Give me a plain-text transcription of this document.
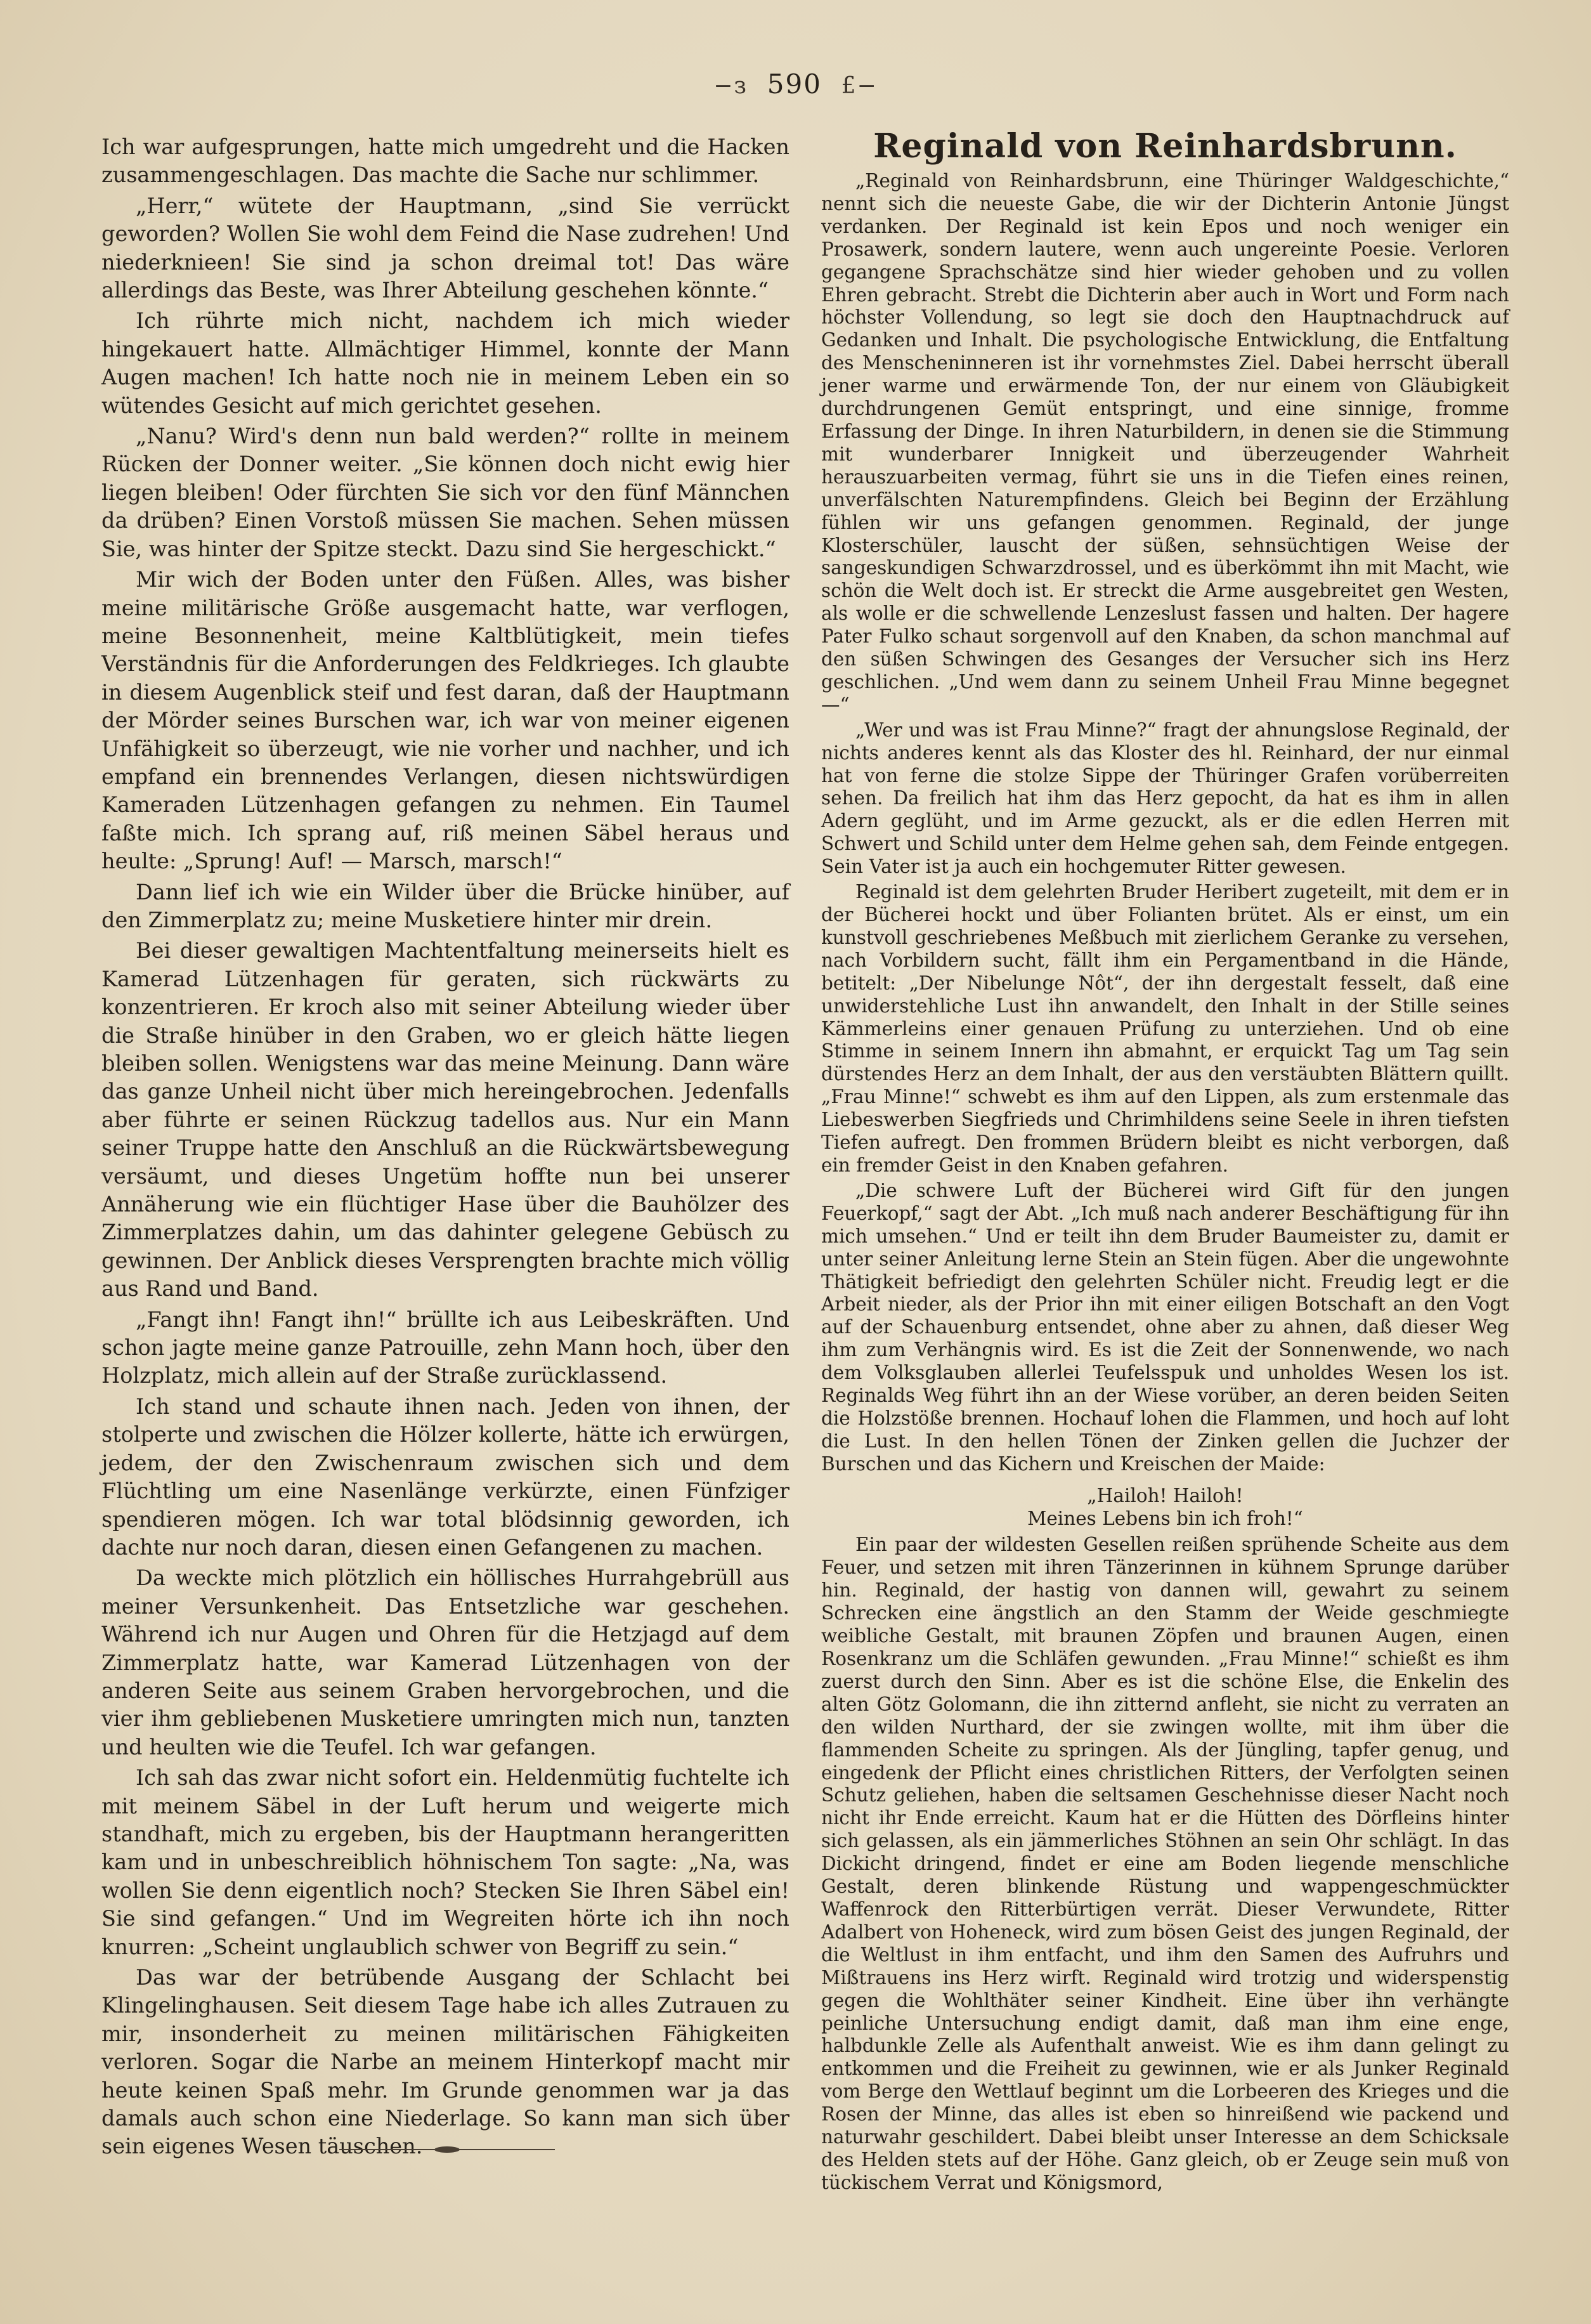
−з 590 £−

Ich war aufgesprungen, hatte mich umgedreht und die Hacken zusammengeschlagen. Das machte die Sache nur schlimmer.

„Herr,“ wütete der Hauptmann, „sind Sie verrückt geworden? Wollen Sie wohl dem Feind die Nase zudrehen! Und niederknieen! Sie sind ja schon dreimal tot! Das wäre allerdings das Beste, was Ihrer Abteilung geschehen könnte.“

Ich rührte mich nicht, nachdem ich mich wieder hingekauert hatte. Allmächtiger Himmel, konnte der Mann Augen machen! Ich hatte noch nie in meinem Leben ein so wütendes Gesicht auf mich gerichtet gesehen.

„Nanu? Wird's denn nun bald werden?“ rollte in meinem Rücken der Donner weiter. „Sie können doch nicht ewig hier liegen bleiben! Oder fürchten Sie sich vor den fünf Männchen da drüben? Einen Vorstoß müssen Sie machen. Sehen müssen Sie, was hinter der Spitze steckt. Dazu sind Sie hergeschickt.“

Mir wich der Boden unter den Füßen. Alles, was bisher meine militärische Größe ausgemacht hatte, war verflogen, meine Besonnenheit, meine Kaltblütigkeit, mein tiefes Verständnis für die Anforderungen des Feldkrieges. Ich glaubte in diesem Augenblick steif und fest daran, daß der Hauptmann der Mörder seines Burschen war, ich war von meiner eigenen Unfähigkeit so überzeugt, wie nie vorher und nachher, und ich empfand ein brennendes Verlangen, diesen nichtswürdigen Kameraden Lützenhagen gefangen zu nehmen. Ein Taumel faßte mich. Ich sprang auf, riß meinen Säbel heraus und heulte: „Sprung! Auf! — Marsch, marsch!“

Dann lief ich wie ein Wilder über die Brücke hinüber, auf den Zimmerplatz zu; meine Musketiere hinter mir drein.

Bei dieser gewaltigen Machtentfaltung meinerseits hielt es Kamerad Lützenhagen für geraten, sich rückwärts zu konzentrieren. Er kroch also mit seiner Abteilung wieder über die Straße hinüber in den Graben, wo er gleich hätte liegen bleiben sollen. Wenigstens war das meine Meinung. Dann wäre das ganze Unheil nicht über mich hereingebrochen. Jedenfalls aber führte er seinen Rückzug tadellos aus. Nur ein Mann seiner Truppe hatte den Anschluß an die Rückwärtsbewegung versäumt, und dieses Ungetüm hoffte nun bei unserer Annäherung wie ein flüchtiger Hase über die Bauhölzer des Zimmerplatzes dahin, um das dahinter gelegene Gebüsch zu gewinnen. Der Anblick dieses Versprengten brachte mich völlig aus Rand und Band.

„Fangt ihn! Fangt ihn!“ brüllte ich aus Leibeskräften. Und schon jagte meine ganze Patrouille, zehn Mann hoch, über den Holzplatz, mich allein auf der Straße zurücklassend.

Ich stand und schaute ihnen nach. Jeden von ihnen, der stolperte und zwischen die Hölzer kollerte, hätte ich erwürgen, jedem, der den Zwischenraum zwischen sich und dem Flüchtling um eine Nasenlänge verkürzte, einen Fünfziger spendieren mögen. Ich war total blödsinnig geworden, ich dachte nur noch daran, diesen einen Gefangenen zu machen.

Da weckte mich plötzlich ein höllisches Hurrahgebrüll aus meiner Versunkenheit. Das Entsetzliche war geschehen. Während ich nur Augen und Ohren für die Hetzjagd auf dem Zimmerplatz hatte, war Kamerad Lützenhagen von der anderen Seite aus seinem Graben hervorgebrochen, und die vier ihm gebliebenen Musketiere umringten mich nun, tanzten und heulten wie die Teufel. Ich war gefangen.

Ich sah das zwar nicht sofort ein. Heldenmütig fuchtelte ich mit meinem Säbel in der Luft herum und weigerte mich standhaft, mich zu ergeben, bis der Hauptmann herangeritten kam und in unbeschreiblich höhnischem Ton sagte: „Na, was wollen Sie denn eigentlich noch? Stecken Sie Ihren Säbel ein! Sie sind gefangen.“ Und im Wegreiten hörte ich ihn noch knurren: „Scheint unglaublich schwer von Begriff zu sein.“

Das war der betrübende Ausgang der Schlacht bei Klingelinghausen. Seit diesem Tage habe ich alles Zutrauen zu mir, insonderheit zu meinen militärischen Fähigkeiten verloren. Sogar die Narbe an meinem Hinterkopf macht mir heute keinen Spaß mehr. Im Grunde genommen war ja das damals auch schon eine Niederlage. So kann man sich über sein eigenes Wesen täuschen.

Reginald von Reinhardsbrunn.

„Reginald von Reinhardsbrunn, eine Thüringer Waldgeschichte,“ nennt sich die neueste Gabe, die wir der Dichterin Antonie Jüngst verdanken. Der Reginald ist kein Epos und noch weniger ein Prosawerk, sondern lautere, wenn auch ungereinte Poesie. Verloren gegangene Sprachschätze sind hier wieder gehoben und zu vollen Ehren gebracht. Strebt die Dichterin aber auch in Wort und Form nach höchster Vollendung, so legt sie doch den Hauptnachdruck auf Gedanken und Inhalt. Die psychologische Entwicklung, die Entfaltung des Menscheninneren ist ihr vornehmstes Ziel. Dabei herrscht überall jener warme und erwärmende Ton, der nur einem von Gläubigkeit durchdrungenen Gemüt entspringt, und eine sinnige, fromme Erfassung der Dinge. In ihren Naturbildern, in denen sie die Stimmung mit wunderbarer Innigkeit und überzeugender Wahrheit herauszuarbeiten vermag, führt sie uns in die Tiefen eines reinen, unverfälschten Naturempfindens. Gleich bei Beginn der Erzählung fühlen wir uns gefangen genommen. Reginald, der junge Klosterschüler, lauscht der süßen, sehnsüchtigen Weise der sangeskundigen Schwarzdrossel, und es überkömmt ihn mit Macht, wie schön die Welt doch ist. Er streckt die Arme ausgebreitet gen Westen, als wolle er die schwellende Lenzeslust fassen und halten. Der hagere Pater Fulko schaut sorgenvoll auf den Knaben, da schon manchmal auf den süßen Schwingen des Gesanges der Versucher sich ins Herz geschlichen. „Und wem dann zu seinem Unheil Frau Minne begegnet —“

„Wer und was ist Frau Minne?“ fragt der ahnungslose Reginald, der nichts anderes kennt als das Kloster des hl. Reinhard, der nur einmal hat von ferne die stolze Sippe der Thüringer Grafen vorüberreiten sehen. Da freilich hat ihm das Herz gepocht, da hat es ihm in allen Adern geglüht, und im Arme gezuckt, als er die edlen Herren mit Schwert und Schild unter dem Helme gehen sah, dem Feinde entgegen. Sein Vater ist ja auch ein hochgemuter Ritter gewesen.

Reginald ist dem gelehrten Bruder Heribert zugeteilt, mit dem er in der Bücherei hockt und über Folianten brütet. Als er einst, um ein kunstvoll geschriebenes Meßbuch mit zierlichem Geranke zu versehen, nach Vorbildern sucht, fällt ihm ein Pergamentband in die Hände, betitelt: „Der Nibelunge Nôt“, der ihn dergestalt fesselt, daß eine unwiderstehliche Lust ihn anwandelt, den Inhalt in der Stille seines Kämmerleins einer genauen Prüfung zu unterziehen. Und ob eine Stimme in seinem Innern ihn abmahnt, er erquickt Tag um Tag sein dürstendes Herz an dem Inhalt, der aus den verstäubten Blättern quillt. „Frau Minne!“ schwebt es ihm auf den Lippen, als zum erstenmale das Liebeswerben Siegfrieds und Chrimhildens seine Seele in ihren tiefsten Tiefen aufregt. Den frommen Brüdern bleibt es nicht verborgen, daß ein fremder Geist in den Knaben gefahren.

„Die schwere Luft der Bücherei wird Gift für den jungen Feuerkopf,“ sagt der Abt. „Ich muß nach anderer Beschäftigung für ihn mich umsehen.“ Und er teilt ihn dem Bruder Baumeister zu, damit er unter seiner Anleitung lerne Stein an Stein fügen. Aber die ungewohnte Thätigkeit befriedigt den gelehrten Schüler nicht. Freudig legt er die Arbeit nieder, als der Prior ihn mit einer eiligen Botschaft an den Vogt auf der Schauenburg entsendet, ohne aber zu ahnen, daß dieser Weg ihm zum Verhängnis wird. Es ist die Zeit der Sonnenwende, wo nach dem Volksglauben allerlei Teufelsspuk und unholdes Wesen los ist. Reginalds Weg führt ihn an der Wiese vorüber, an deren beiden Seiten die Holzstöße brennen. Hochauf lohen die Flammen, und hoch auf loht die Lust. In den hellen Tönen der Zinken gellen die Juchzer der Burschen und das Kichern und Kreischen der Maide:

„Hailoh! Hailoh!
Meines Lebens bin ich froh!“

Ein paar der wildesten Gesellen reißen sprühende Scheite aus dem Feuer, und setzen mit ihren Tänzerinnen in kühnem Sprunge darüber hin. Reginald, der hastig von dannen will, gewahrt zu seinem Schrecken eine ängstlich an den Stamm der Weide geschmiegte weibliche Gestalt, mit braunen Zöpfen und braunen Augen, einen Rosenkranz um die Schläfen gewunden. „Frau Minne!“ schießt es ihm zuerst durch den Sinn. Aber es ist die schöne Else, die Enkelin des alten Götz Golomann, die ihn zitternd anfleht, sie nicht zu verraten an den wilden Nurthard, der sie zwingen wollte, mit ihm über die flammenden Scheite zu springen. Als der Jüngling, tapfer genug, und eingedenk der Pflicht eines christlichen Ritters, der Verfolgten seinen Schutz geliehen, haben die seltsamen Geschehnisse dieser Nacht noch nicht ihr Ende erreicht. Kaum hat er die Hütten des Dörfleins hinter sich gelassen, als ein jämmerliches Stöhnen an sein Ohr schlägt. In das Dickicht dringend, findet er eine am Boden liegende menschliche Gestalt, deren blinkende Rüstung und wappengeschmückter Waffenrock den Ritterbürtigen verrät. Dieser Verwundete, Ritter Adalbert von Hoheneck, wird zum bösen Geist des jungen Reginald, der die Weltlust in ihm entfacht, und ihm den Samen des Aufruhrs und Mißtrauens ins Herz wirft. Reginald wird trotzig und widerspenstig gegen die Wohlthäter seiner Kindheit. Eine über ihn verhängte peinliche Untersuchung endigt damit, daß man ihm eine enge, halbdunkle Zelle als Aufenthalt anweist. Wie es ihm dann gelingt zu entkommen und die Freiheit zu gewinnen, wie er als Junker Reginald vom Berge den Wettlauf beginnt um die Lorbeeren des Krieges und die Rosen der Minne, das alles ist eben so hinreißend wie packend und naturwahr geschildert. Dabei bleibt unser Interesse an dem Schicksale des Helden stets auf der Höhe. Ganz gleich, ob er Zeuge sein muß von tückischem Verrat und Königsmord,
